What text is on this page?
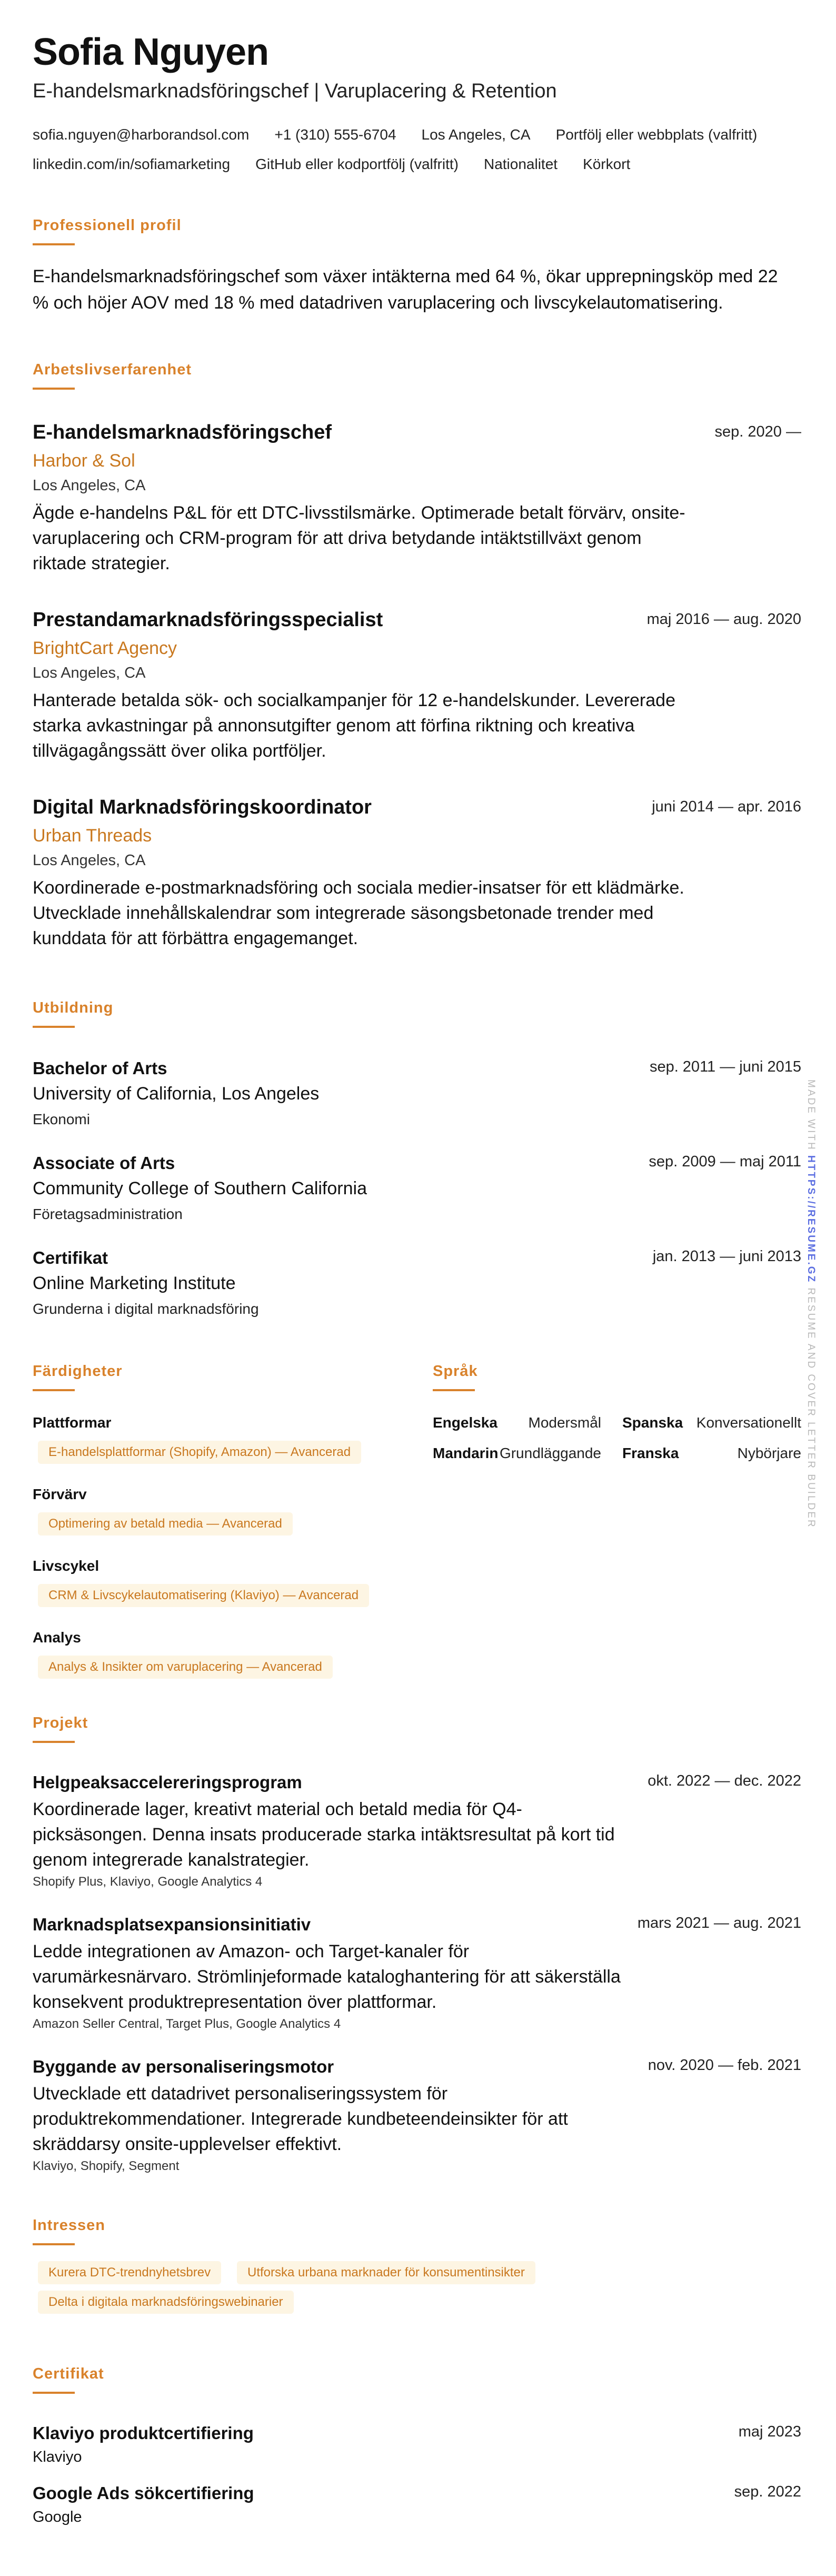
Sofia Nguyen
E-handelsmarknadsföringschef | Varuplacering & Retention
sofia.nguyen@harborandsol.com +1 (310) 555-6704 Los Angeles, CA Portfölj eller webbplats (valfritt)
linkedin.com/in/sofiamarketing GitHub eller kodportfölj (valfritt) Nationalitet Körkort
Professionell profil
E-handelsmarknadsföringschef som växer intäkterna med 64 %, ökar upprepningsköp med 22 % och höjer AOV med 18 % med datadriven varuplacering och livscykelautomatisering.
Arbetslivserfarenhet
E-handelsmarknadsföringschef	sep. 2020 —
Harbor & Sol
Los Angeles, CA
Ägde e-handelns P&L för ett DTC-livsstilsmärke. Optimerade betalt förvärv, onsite-varuplacering och CRM-program för att driva betydande intäktstillväxt genom riktade strategier.
Prestandamarknadsföringsspecialist	maj 2016 — aug. 2020
BrightCart Agency
Los Angeles, CA
Hanterade betalda sök- och socialkampanjer för 12 e-handelskunder. Levererade starka avkastningar på annonsutgifter genom att förfina riktning och kreativa tillvägagångssätt över olika portföljer.
Digital Marknadsföringskoordinator	juni 2014 — apr. 2016
Urban Threads
Los Angeles, CA
Koordinerade e-postmarknadsföring och sociala medier-insatser för ett klädmärke. Utvecklade innehållskalendrar som integrerade säsongsbetonade trender med kunddata för att förbättra engagemanget.
Utbildning
Bachelor of Arts	sep. 2011 — juni 2015
University of California, Los Angeles
Ekonomi
Associate of Arts	sep. 2009 — maj 2011
Community College of Southern California
Företagsadministration
Certifikat	jan. 2013 — juni 2013
Online Marketing Institute
Grunderna i digital marknadsföring
Färdigheter
Plattformar
E-handelsplattformar (Shopify, Amazon) — Avancerad
Förvärv
Optimering av betald media — Avancerad
Livscykel
CRM & Livscykelautomatisering (Klaviyo) — Avancerad
Analys
Analys & Insikter om varuplacering — Avancerad
Språk
Engelska Modersmål Spanska Konversationellt
Mandarin Grundläggande Franska	Nybörjare
Projekt
Helgpeaksaccelereringsprogram	okt. 2022 — dec. 2022
Koordinerade lager, kreativt material och betald media för Q4-picksäsongen. Denna insats producerade starka intäktsresultat på kort tid genom integrerade kanalstrategier.
Shopify Plus, Klaviyo, Google Analytics 4
Marknadsplatsexpansionsinitiativ	mars 2021 — aug. 2021
Ledde integrationen av Amazon- och Target-kanaler för varumärkesnärvaro. Strömlinjeformade kataloghantering för att säkerställa konsekvent produktrepresentation över plattformar.
Amazon Seller Central, Target Plus, Google Analytics 4
Byggande av personaliseringsmotor	nov. 2020 — feb. 2021
Utvecklade ett datadrivet personaliseringssystem för produktrekommendationer. Integrerade kundbeteendeinsikter för att skräddarsy onsite-upplevelser effektivt.
Klaviyo, Shopify, Segment
Intressen
Kurera DTC-trendnyhetsbrev	Utforska urbana marknader för konsumentinsikter
Delta i digitala marknadsföringswebinarier
Certifikat
Klaviyo produktcertifiering	maj 2023
Klaviyo
Google Ads sökcertifiering	sep. 2022
Google
MADE WITH HTTPS://RESUME.GZ RESUME AND COVER LETTER BUILDER
